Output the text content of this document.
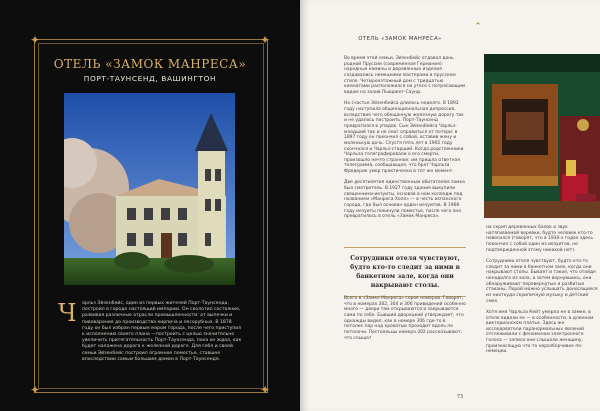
✦	✦
✦	✦
ОТЕЛЬ «ЗАМОК МАНРЕСА»
ПОРТ-ТАУНСЕНД, ВАШИНГТОН
Ч арльз Эйзенбейс, один из первых жителей Порт-Таунсенда, построил в городе настоящий империю. Он сколотил состояние, развивая различные отрасли промышленности: от выпечки и пивоварения до производства кирпича и лесорубных. В 1878 году он был избран первым мэром города, после чего приступил к исполнению своего плана —построить с целью значительно увеличить притягательность Порт-Таунсенда, пока он ждал, как будет налажена дорога к железной дороге. Для себя и своей семьи Эйзенбейс построил огромное поместье, ставшее впоследствии самым большим домом в Порт-Таунсенде.
⌃
ОТЕЛЬ «ЗАМОК МАНРЕСА»
Во время этой семьи, Эйзенбейс отдавал дань родной Пруссии (современная Германия): нарядные камины и деревянные изделия создавались немецкими мастерами в прусском стиле. Четырехэтажный дом с тридцатью комнатами расположился на утесе с потрясающим видом на залив Пьюджет-Саунд.

Но счастье Эйзенбейса длилось недолго. В 1893 году наступила общенациональная депрессия, вследствие чего обещанную железную дорогу так и не удалось построить. Порт-Таунсенд превратился в упадок. Сын Эйзенбейса Чарльз-младший так и не смог оправиться от потери: в 1897 году он покончил с собой, оставив жену и маленькую дочь. Спустя пять лет в 1902 году скончался и Чарльз-старший. Когда родственники Чарльза телеграфировали о его смерти, произошло нечто странное: им пришла ответная телеграмма, сообщающая, что брат Чарльза Фредерик умер практически в тот же момент.

Две десятилетия единственным обитателем замка был смотритель. В 1927 году здание выкупили священники-иезуиты, основав в нем колледж под названием «Манреса Холл» — в честь испанского города, где был основан орден иезуитов. В 1968 году иезуиты покинули поместье, после чего оно превратилось в отель «Замок Манреса».
Сотрудники отеля чувствуют, будто кто-то следит за ними в банкетном зале, когда они накрывают столы.
Всего в «Замке Манреса» сорок номеров. Говорят, что в номерах 302, 304 и 306 привидений особенно много — двери там открываются и закрываются сами по себе. Бывший дворецкий утверждает, что однажды видел, как в номере 306 где-то в потолке пар над кроватью проходит вдоль по потолочи. Постояльцы номера 302 рассказывают, что слышат
на скрип деревянных балок и звук натягиваемой веревки, будто человек кто-то повесился (говорят, что в 1930-х годах здесь покончил с собой один из иезуитов, но подтвержденной этому никакой нет).

Сотрудники отеля чувствуют, будто кто-то следит за ними в банкетном зале, когда они накрывают столы. Бывает и такое, что отойдя ненадолго из зала, а затем вернувшись, они обнаруживают перевернутые и разбитые стаканы. Порой можно услышать доносящиеся из ниоткуда скрипичную музыку и детский смех.

Хотя имя Чарльза Кейт умерла не в замке, в отеле видели ее — в особенности, в длинном викторианском платье. Здесь же исследователи паранормальных явлений отслеживали с феноменом электронного голоса — записи они слышали женщину, произносящую что-то неразборчивое по-немецки.
73
